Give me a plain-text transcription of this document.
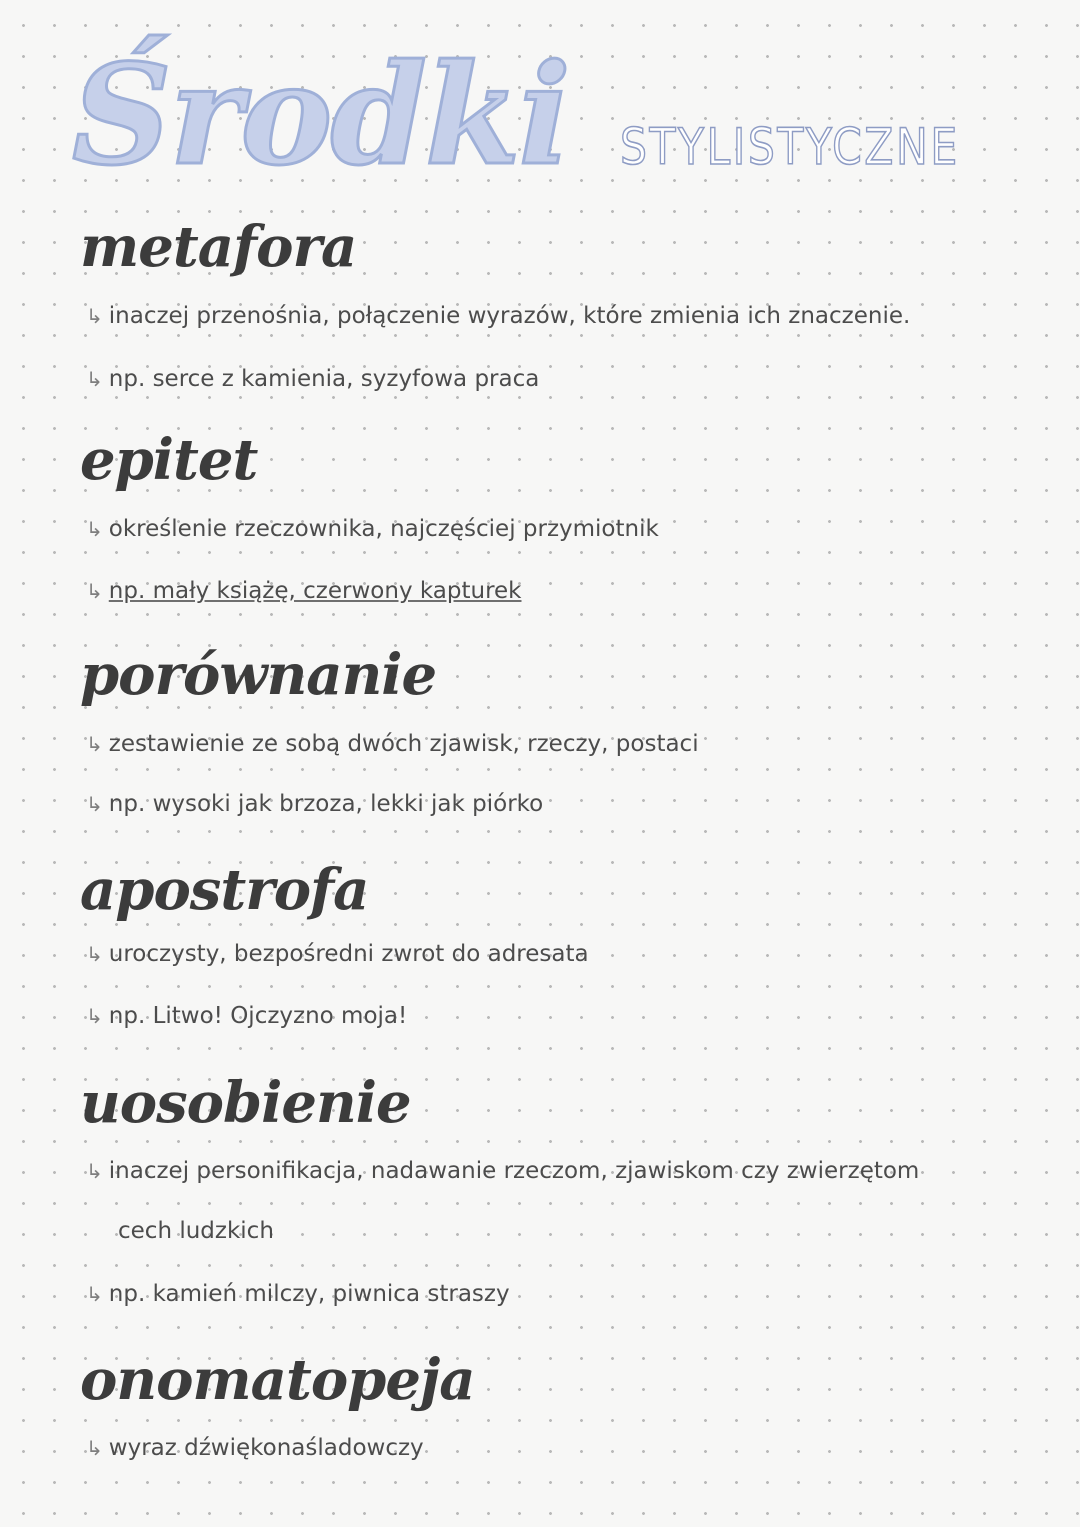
Środki STYLISTYCZNE
metafora
↳ inaczej przenośnia, połączenie wyrazów, które zmienia ich znaczenie.
↳ np. serce z kamienia, syzyfowa praca
epitet
↳ określenie rzeczownika, najczęściej przymiotnik
↳ np. mały książę, czerwony kapturek
porównanie
↳ zestawienie ze sobą dwóch zjawisk, rzeczy, postaci
↳ np. wysoki jak brzoza, lekki jak piórko
apostrofa
↳ uroczysty, bezpośredni zwrot do adresata
↳ np. Litwo! Ojczyzno moja!
uosobienie
↳ inaczej personifikacja, nadawanie rzeczom, zjawiskom czy zwierzętom
cech ludzkich
↳ np. kamień milczy, piwnica straszy
onomatopeja
↳ wyraz dźwiękonaśladowczy
